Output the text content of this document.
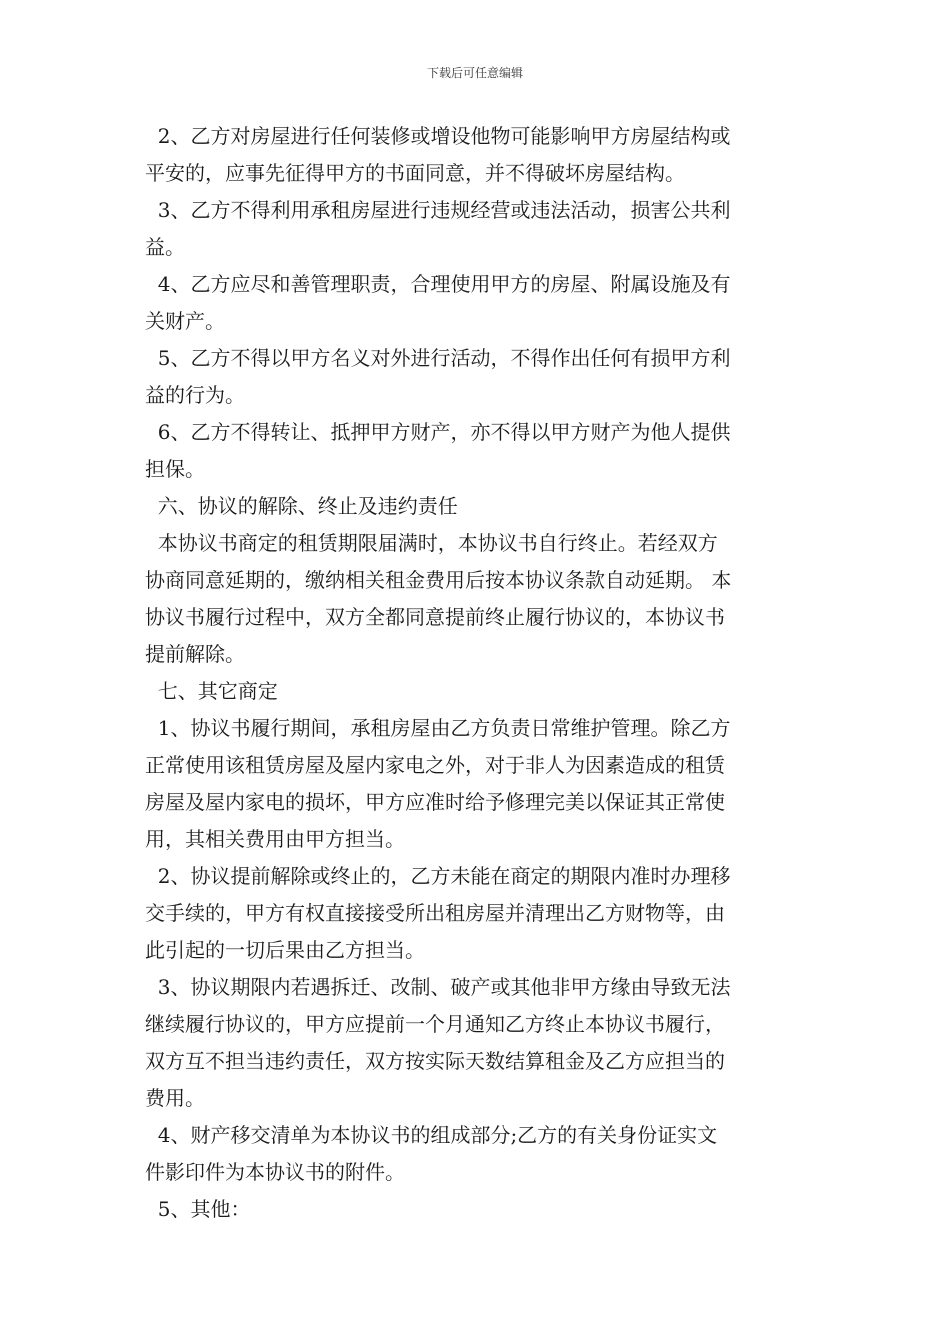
下载后可任意编辑
2、乙方对房屋进行任何装修或增设他物可能影响甲方房屋结构或
平安的，应事先征得甲方的书面同意，并不得破坏房屋结构。
3、乙方不得利用承租房屋进行违规经营或违法活动，损害公共利
益。
4、乙方应尽和善管理职责，合理使用甲方的房屋、附属设施及有
关财产。
5、乙方不得以甲方名义对外进行活动，不得作出任何有损甲方利
益的行为。
6、乙方不得转让、抵押甲方财产，亦不得以甲方财产为他人提供
担保。
六、协议的解除、终止及违约责任
本协议书商定的租赁期限届满时，本协议书自行终止。若经双方
协商同意延期的，缴纳相关租金费用后按本协议条款自动延期。 本
协议书履行过程中，双方全都同意提前终止履行协议的，本协议书
提前解除。
七、其它商定
1、协议书履行期间，承租房屋由乙方负责日常维护管理。除乙方
正常使用该租赁房屋及屋内家电之外，对于非人为因素造成的租赁
房屋及屋内家电的损坏，甲方应准时给予修理完美以保证其正常使
用，其相关费用由甲方担当。
2、协议提前解除或终止的，乙方未能在商定的期限内准时办理移
交手续的，甲方有权直接接受所出租房屋并清理出乙方财物等，由
此引起的一切后果由乙方担当。
3、协议期限内若遇拆迁、改制、破产或其他非甲方缘由导致无法
继续履行协议的，甲方应提前一个月通知乙方终止本协议书履行，
双方互不担当违约责任，双方按实际天数结算租金及乙方应担当的
费用。
4、财产移交清单为本协议书的组成部分;乙方的有关身份证实文
件影印件为本协议书的附件。
5、其他：
